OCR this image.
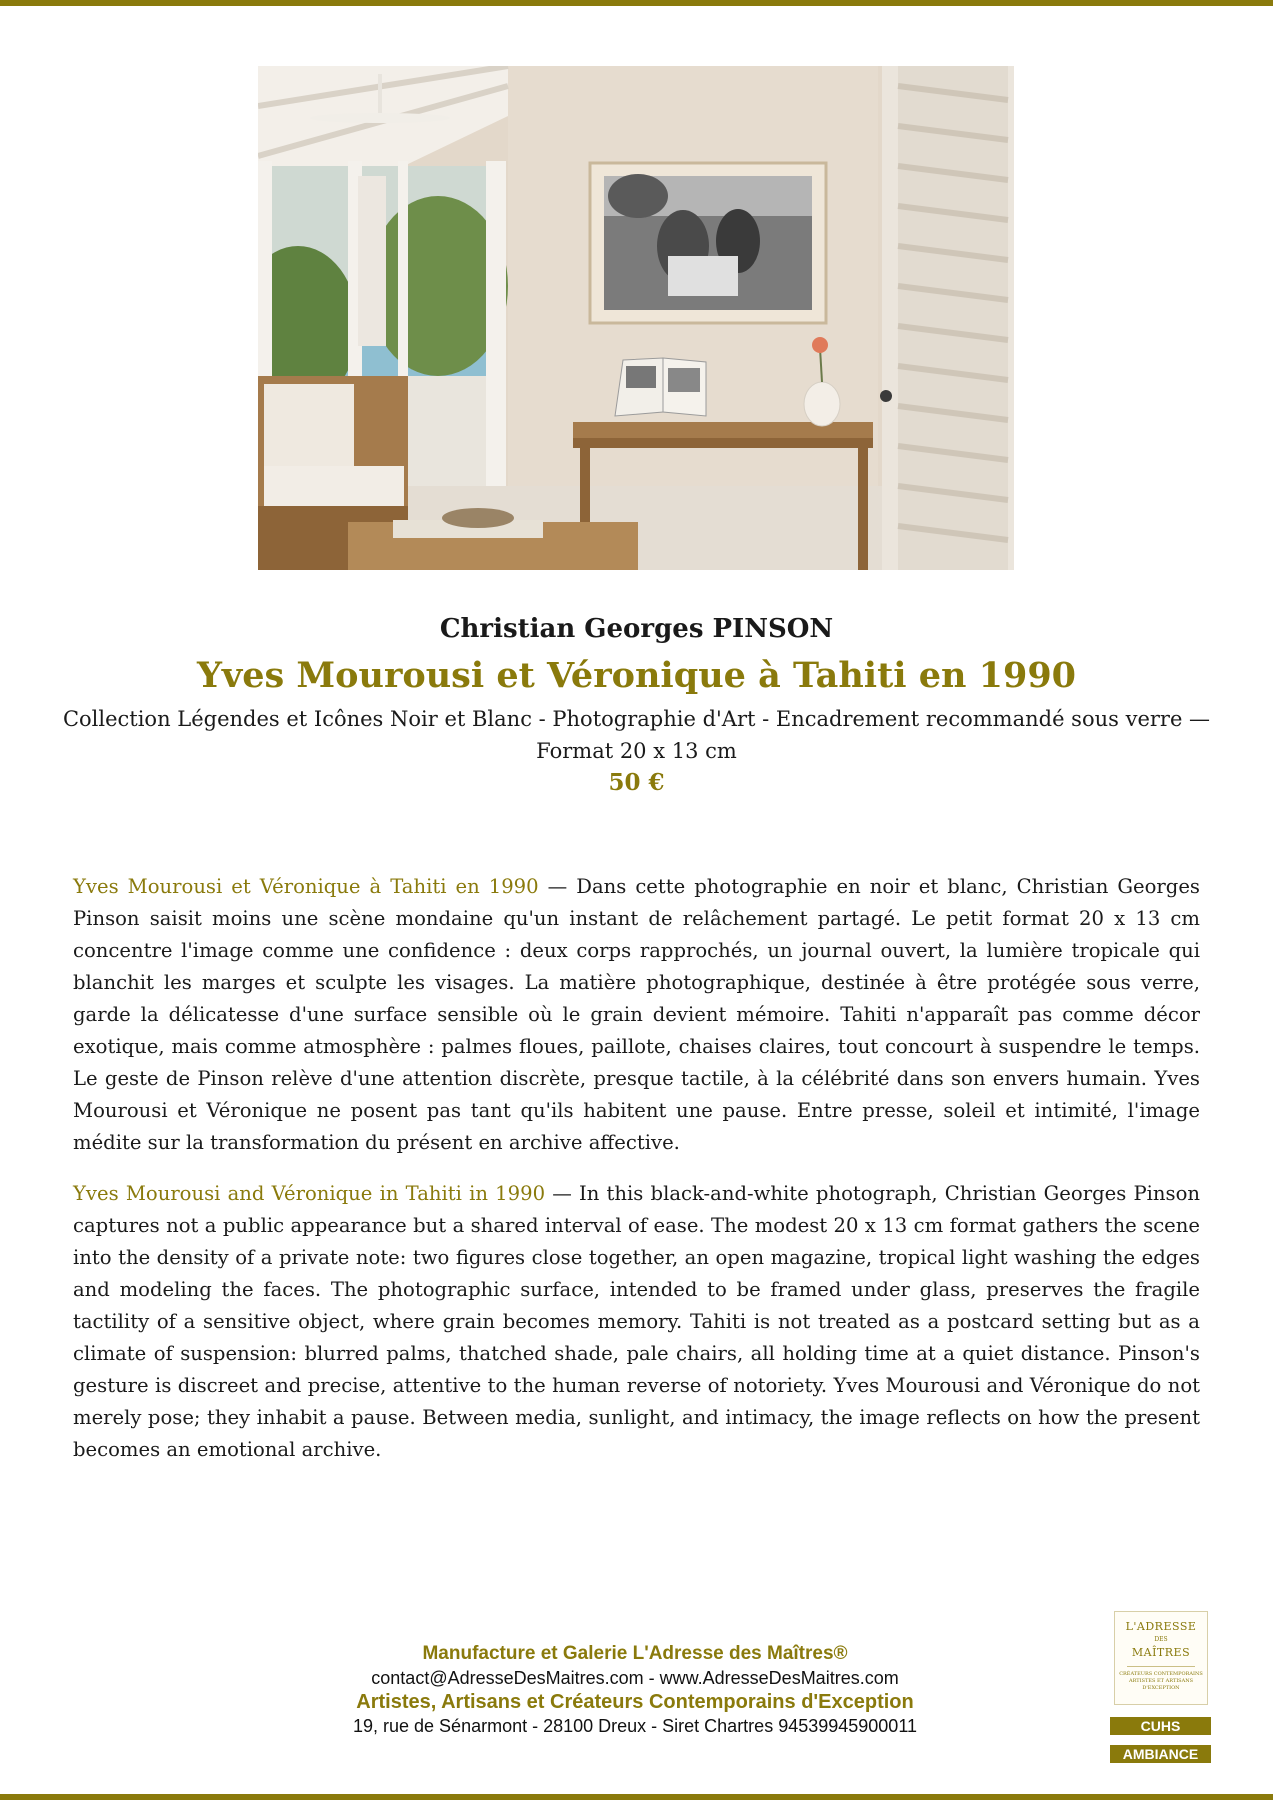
Christian Georges PINSON
Yves Mourousi et Véronique à Tahiti en 1990
Collection Légendes et Icônes Noir et Blanc - Photographie d'Art - Encadrement recommandé sous verre — Format 20 x 13 cm
50 €

Yves Mourousi et Véronique à Tahiti en 1990 — Dans cette photographie en noir et blanc, Christian Georges Pinson saisit moins une scène mondaine qu'un instant de relâchement partagé. Le petit format 20 x 13 cm concentre l'image comme une confidence : deux corps rapprochés, un journal ouvert, la lumière tropicale qui blanchit les marges et sculpte les visages. La matière photographique, destinée à être protégée sous verre, garde la délicatesse d'une surface sensible où le grain devient mémoire. Tahiti n'apparaît pas comme décor exotique, mais comme atmosphère : palmes floues, paillote, chaises claires, tout concourt à suspendre le temps. Le geste de Pinson relève d'une attention discrète, presque tactile, à la célébrité dans son envers humain. Yves Mourousi et Véronique ne posent pas tant qu'ils habitent une pause. Entre presse, soleil et intimité, l'image médite sur la transformation du présent en archive affective.

Yves Mourousi and Véronique in Tahiti in 1990 — In this black-and-white photograph, Christian Georges Pinson captures not a public appearance but a shared interval of ease. The modest 20 x 13 cm format gathers the scene into the density of a private note: two figures close together, an open magazine, tropical light washing the edges and modeling the faces. The photographic surface, intended to be framed under glass, preserves the fragile tactility of a sensitive object, where grain becomes memory. Tahiti is not treated as a postcard setting but as a climate of suspension: blurred palms, thatched shade, pale chairs, all holding time at a quiet distance. Pinson's gesture is discreet and precise, attentive to the human reverse of notoriety. Yves Mourousi and Véronique do not merely pose; they inhabit a pause. Between media, sunlight, and intimacy, the image reflects on how the present becomes an emotional archive.

Manufacture et Galerie L'Adresse des Maîtres®
contact@AdresseDesMaitres.com - www.AdresseDesMaitres.com
Artistes, Artisans et Créateurs Contemporains d'Exception
19, rue de Sénarmont - 28100 Dreux - Siret Chartres 94539945900011
L'ADRESSE
DES
MAÎTRES
CRÉATEURS CONTEMPORAINS ARTISTES ET ARTISANS D'EXCEPTION
CUHS
AMBIANCE
